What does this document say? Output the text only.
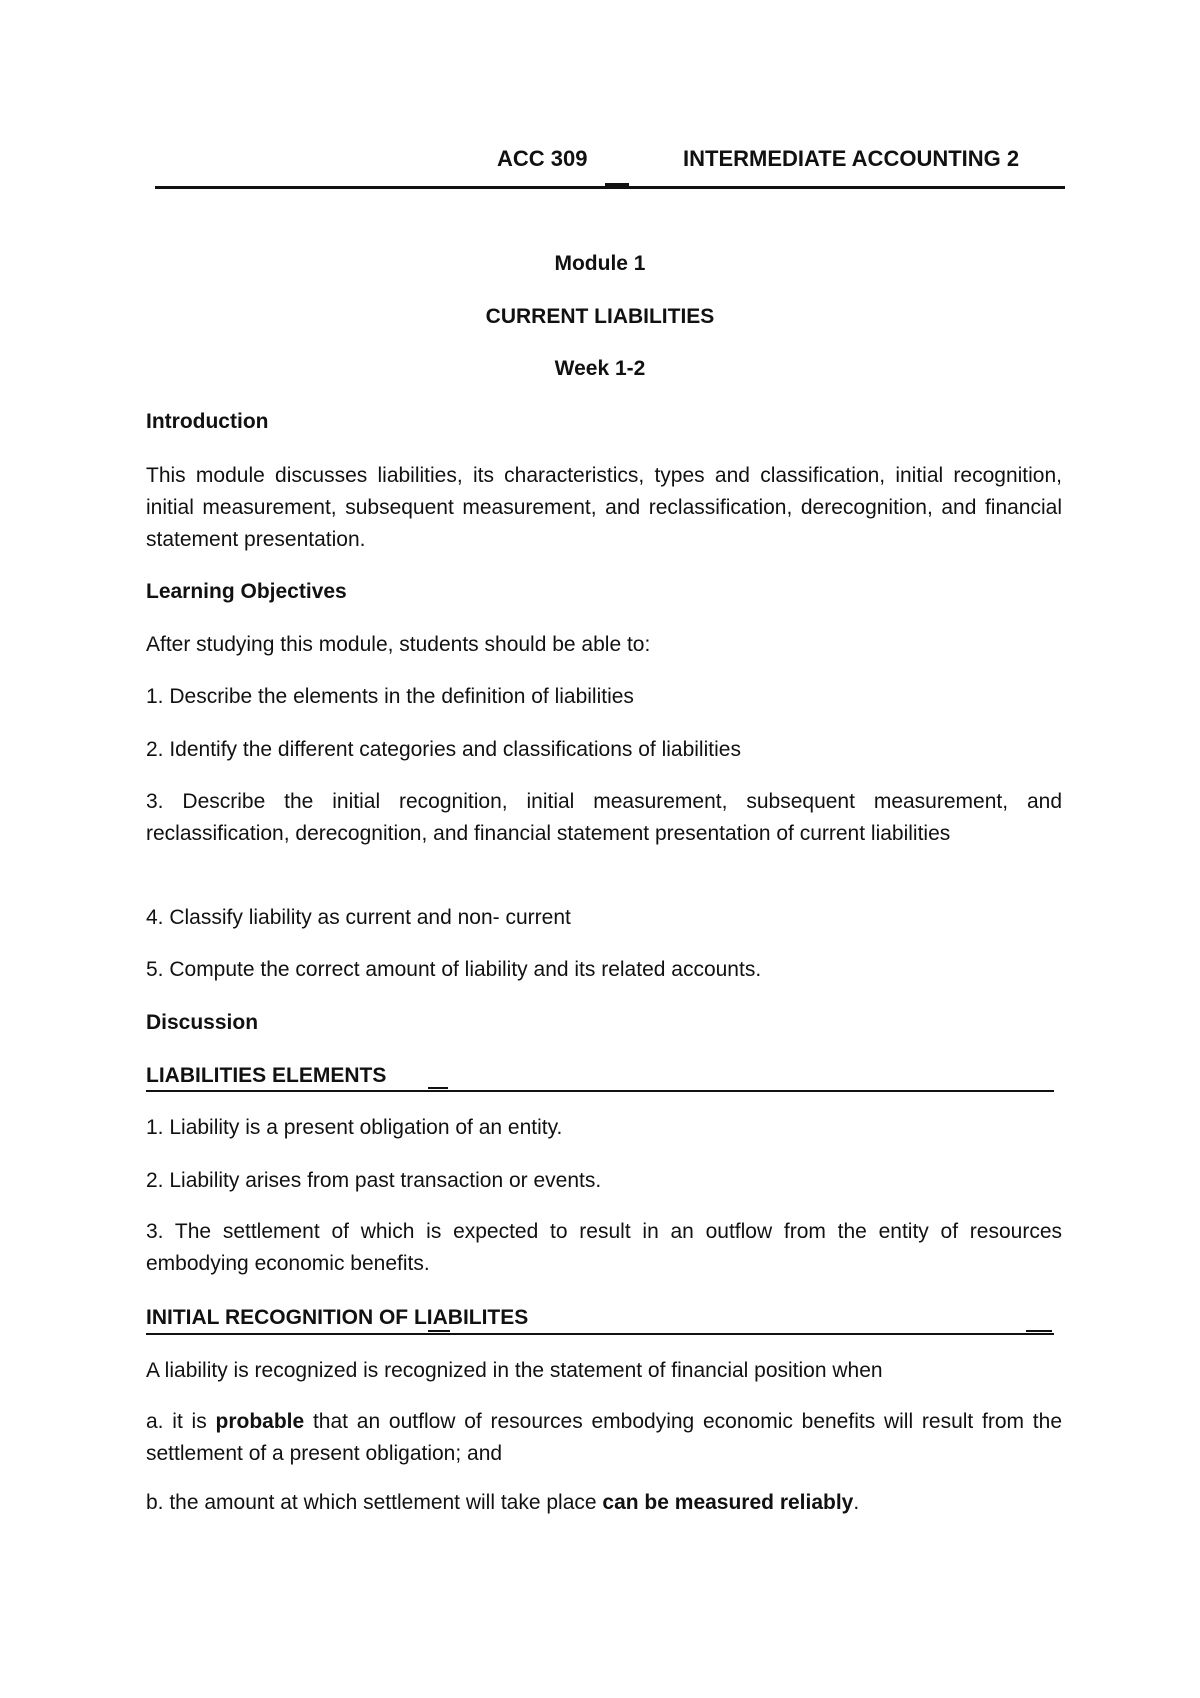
ACC 309	INTERMEDIATE ACCOUNTING 2
Module 1
CURRENT LIABILITIES
Week 1-2
Introduction
This module discusses liabilities, its characteristics, types and classification, initial recognition, initial measurement, subsequent measurement, and reclassification, derecognition, and financial statement presentation.
Learning Objectives
After studying this module, students should be able to:
1. Describe the elements in the definition of liabilities
2. Identify the different categories and classifications of liabilities
3. Describe the initial recognition, initial measurement, subsequent measurement, and reclassification, derecognition, and financial statement presentation of current liabilities
4. Classify liability as current and non- current
5. Compute the correct amount of liability and its related accounts.
Discussion
LIABILITIES ELEMENTS
1. Liability is a present obligation of an entity.
2. Liability arises from past transaction or events.
3. The settlement of which is expected to result in an outflow from the entity of resources embodying economic benefits.
INITIAL RECOGNITION OF LIABILITES
A liability is recognized is recognized in the statement of financial position when
a. it is probable that an outflow of resources embodying economic benefits will result from the settlement of a present obligation; and
b. the amount at which settlement will take place can be measured reliably.
